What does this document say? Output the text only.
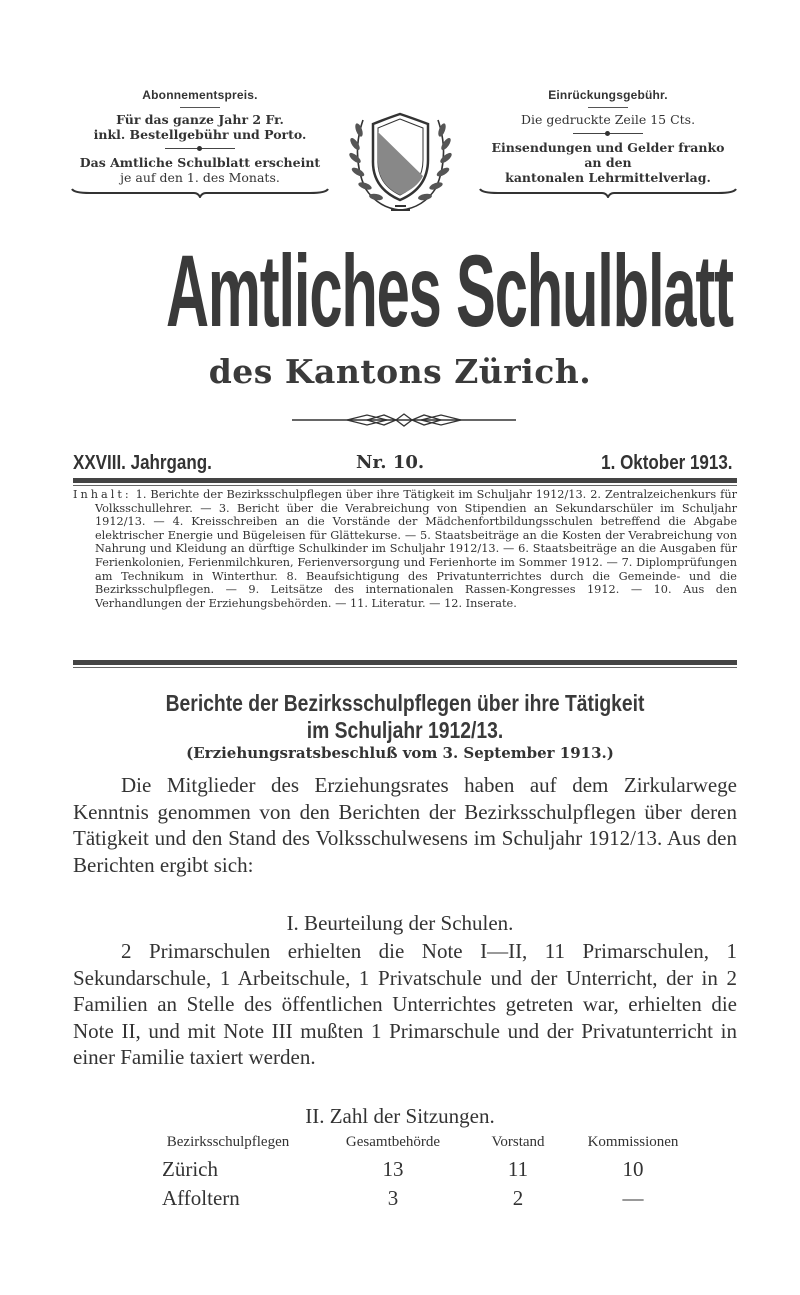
Abonnementspreis.
Für das ganze Jahr 2 Fr.
inkl. Bestellgebühr und Porto.
Das Amtliche Schulblatt erscheint
je auf den 1. des Monats.
Einrückungsgebühr.
Die gedruckte Zeile 15 Cts.
Einsendungen und Gelder franko
an den
kantonalen Lehrmittelverlag.
Amtliches Schulblatt
des Kantons Zürich.
XXVIII. Jahrgang.	Nr. 10.	1. Oktober 1913.

Inhalt: 1. Berichte der Bezirksschulpflegen über ihre Tätigkeit im Schuljahr 1912/13. 2. Zentralzeichenkurs für Volksschullehrer. — 3. Bericht über die Verabreichung von Stipendien an Sekundarschüler im Schuljahr 1912/13. — 4. Kreisschreiben an die Vorstände der Mädchenfortbildungsschulen betreffend die Abgabe elektrischer Energie und Bügeleisen für Glättekurse. — 5. Staatsbeiträge an die Kosten der Verabreichung von Nahrung und Kleidung an dürftige Schulkinder im Schuljahr 1912/13. — 6. Staatsbeiträge an die Ausgaben für Ferienkolonien, Ferienmilchkuren, Ferienversorgung und Ferienhorte im Sommer 1912. — 7. Diplomprüfungen am Technikum in Winterthur. 8. Beaufsichtigung des Privatunterrichtes durch die Gemeinde- und die Bezirksschulpflegen. — 9. Leitsätze des internationalen Rassen-Kongresses 1912. — 10. Aus den Verhandlungen der Erziehungsbehörden. — 11. Literatur. — 12. Inserate.

Berichte der Bezirksschulpflegen über ihre Tätigkeit
im Schuljahr 1912/13.
(Erziehungsratsbeschluß vom 3. September 1913.)
Die Mitglieder des Erziehungsrates haben auf dem Zirkularwege Kenntnis genommen von den Berichten der Bezirksschulpflegen über deren Tätigkeit und den Stand des Volksschulwesens im Schuljahr 1912/13. Aus den Berichten ergibt sich:
I. Beurteilung der Schulen.
2 Primarschulen erhielten die Note I—II, 11 Primarschulen, 1 Sekundarschule, 1 Arbeitschule, 1 Privatschule und der Unterricht, der in 2 Familien an Stelle des öffentlichen Unterrichtes getreten war, erhielten die Note II, und mit Note III mußten 1 Primarschule und der Privatunterricht in einer Familie taxiert werden.
II. Zahl der Sitzungen.
Bezirksschulpflegen	Gesamtbehörde	Vorstand	Kommissionen
Zürich	13	11	10
Affoltern	3	2	—
